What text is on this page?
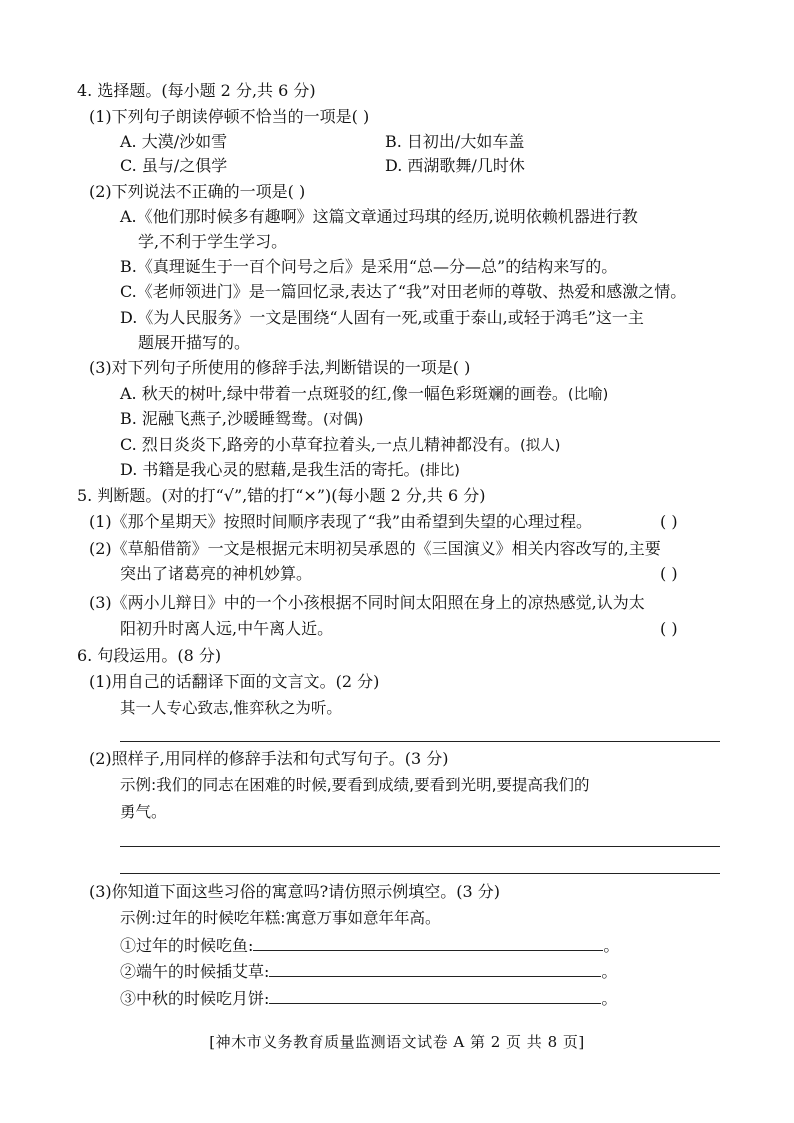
4. 选择题。(每小题 2 分,共 6 分)
(1)下列句子朗读停顿不恰当的一项是( )
A. 大漠/沙如雪	B. 日初出/大如车盖
C. 虽与/之俱学	D. 西湖歌舞/几时休
(2)下列说法不正确的一项是( )
A.《他们那时候多有趣啊》这篇文章通过玛琪的经历,说明依赖机器进行教
学,不利于学生学习。
B.《真理诞生于一百个问号之后》是采用“总—分—总”的结构来写的。
C.《老师领进门》是一篇回忆录,表达了“我”对田老师的尊敬、热爱和感激之情。
D.《为人民服务》一文是围绕“人固有一死,或重于泰山,或轻于鸿毛”这一主
题展开描写的。
(3)对下列句子所使用的修辞手法,判断错误的一项是( )
A. 秋天的树叶,绿中带着一点斑驳的红,像一幅色彩斑斓的画卷。(比喻)
B. 泥融飞燕子,沙暖睡鸳鸯。(对偶)
C. 烈日炎炎下,路旁的小草耷拉着头,一点儿精神都没有。(拟人)
D. 书籍是我心灵的慰藉,是我生活的寄托。(排比)
5. 判断题。(对的打“√”,错的打“×”)(每小题 2 分,共 6 分)
(1)《那个星期天》按照时间顺序表现了“我”由希望到失望的心理过程。	( )
(2)《草船借箭》一文是根据元末明初吴承恩的《三国演义》相关内容改写的,主要
突出了诸葛亮的神机妙算。	( )
(3)《两小儿辩日》中的一个小孩根据不同时间太阳照在身上的凉热感觉,认为太
阳初升时离人远,中午离人近。	( )
6. 句段运用。(8 分)
(1)用自己的话翻译下面的文言文。(2 分)
其一人专心致志,惟弈秋之为听。
(2)照样子,用同样的修辞手法和句式写句子。(3 分)
示例:我们的同志在困难的时候,要看到成绩,要看到光明,要提高我们的
勇气。
(3)你知道下面这些习俗的寓意吗?请仿照示例填空。(3 分)
示例:过年的时候吃年糕:寓意万事如意年年高。
①过年的时候吃鱼:	。
②端午的时候插艾草:	。
③中秋的时候吃月饼:	。
[神木市义务教育质量监测语文试卷 A 第 2 页 共 8 页]
